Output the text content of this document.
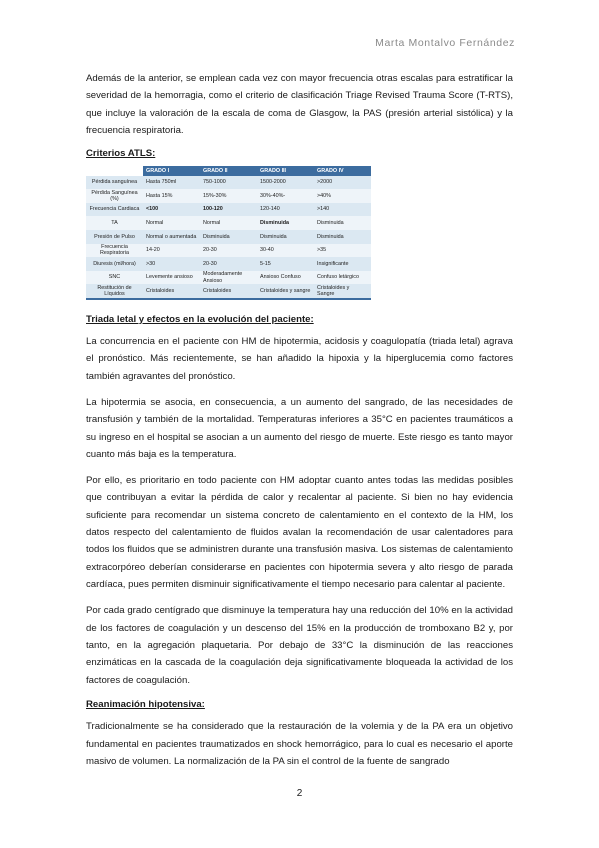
Marta Montalvo Fernández

Además de la anterior, se emplean cada vez con mayor frecuencia otras escalas para estratificar la severidad de la hemorragia, como el criterio de clasificación Triage Revised Trauma Score (T-RTS), que incluye la valoración de la escala de coma de Glasgow, la PAS (presión arterial sistólica) y la frecuencia respiratoria.

Criterios ATLS:
	GRADO I	GRADO II	GRADO III	GRADO IV
Pérdida sanguínea	Hasta 750ml	750-1000	1500-2000	>2000
Pérdida Sanguínea (%)	Hasta 15%	15%-30%	30%-40%-	>40%
Frecuencia Cardiaca	<100	100-120	120-140	>140
TA	Normal	Normal	Disminuida	Disminuida
Presión de Pulso	Normal o aumentada	Disminuida	Disminuida	Disminuida
Frecuencia Respiratoria	14-20	20-30	30-40	>35
Diuresis (ml/hora)	>30	20-30	5-15	Insignificante
SNC	Levemente ansioso	Moderadamente Ansioso	Ansioso Confuso	Confuso letárgico
Restitución de Líquidos	Cristaloides	Cristaloides	Cristaloides y sangre	Cristaloides y Sangre
Triada letal y efectos en la evolución del paciente:

La concurrencia en el paciente con HM de hipotermia, acidosis y coagulopatía (triada letal) agrava el pronóstico. Más recientemente, se han añadido la hipoxia y la hiperglucemia como factores también agravantes del pronóstico.

La hipotermia se asocia, en consecuencia, a un aumento del sangrado, de las necesidades de transfusión y también de la mortalidad. Temperaturas inferiores a 35°C en pacientes traumáticos a su ingreso en el hospital se asocian a un aumento del riesgo de muerte. Este riesgo es tanto mayor cuanto más baja es la temperatura.

Por ello, es prioritario en todo paciente con HM adoptar cuanto antes todas las medidas posibles que contribuyan a evitar la pérdida de calor y recalentar al paciente. Si bien no hay evidencia suficiente para recomendar un sistema concreto de calentamiento en el contexto de la HM, los datos respecto del calentamiento de fluidos avalan la recomendación de usar calentadores para todos los fluidos que se administren durante una transfusión masiva. Los sistemas de calentamiento extracorpóreo deberían considerarse en pacientes con hipotermia severa y alto riesgo de parada cardíaca, pues permiten disminuir significativamente el tiempo necesario para calentar al paciente.

Por cada grado centígrado que disminuye la temperatura hay una reducción del 10% en la actividad de los factores de coagulación y un descenso del 15% en la producción de tromboxano B2 y, por tanto, en la agregación plaquetaria. Por debajo de 33°C la disminución de las reacciones enzimáticas en la cascada de la coagulación deja significativamente bloqueada la actividad de los factores de coagulación.

Reanimación hipotensiva:

Tradicionalmente se ha considerado que la restauración de la volemia y de la PA era un objetivo fundamental en pacientes traumatizados en shock hemorrágico, para lo cual es necesario el aporte masivo de volumen. La normalización de la PA sin el control de la fuente de sangrado

2
